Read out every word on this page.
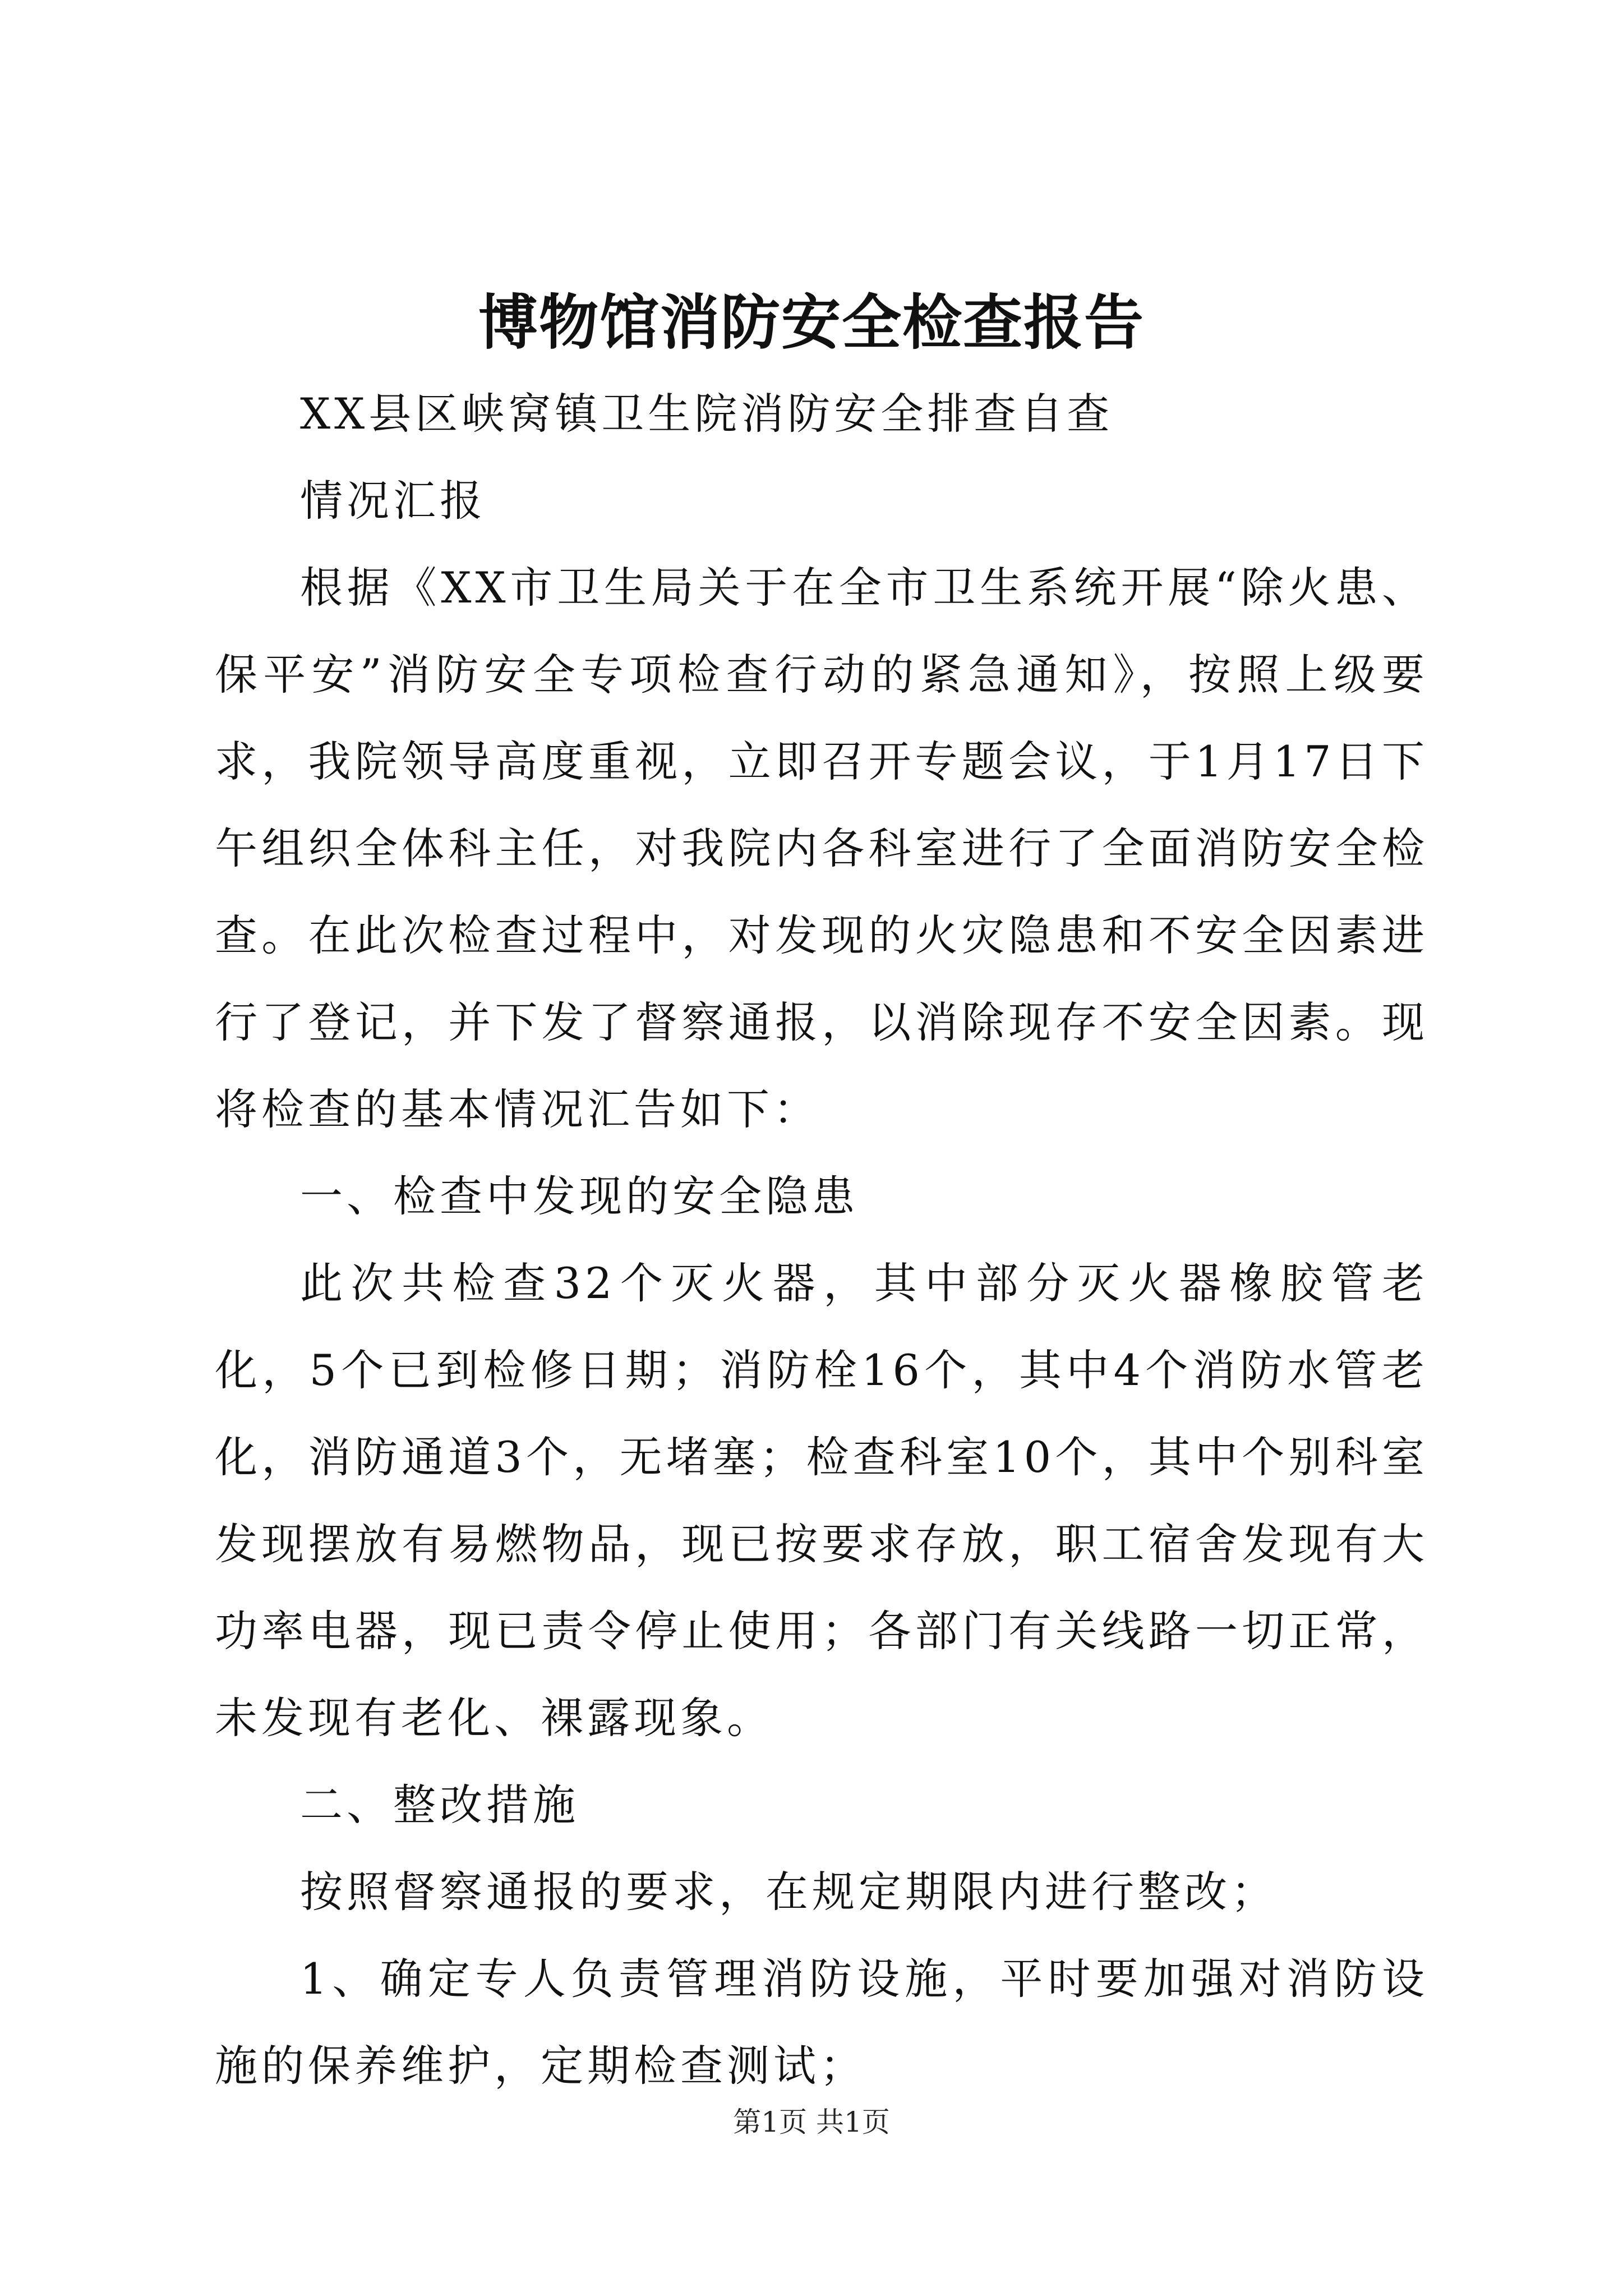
博物馆消防安全检查报告

XX县区峡窝镇卫生院消防安全排查自查

情况汇报

根据《XX市卫生局关于在全市卫生系统开展“除火患、保平安”消防安全专项检查行动的紧急通知》，按照上级要求，我院领导高度重视，立即召开专题会议，于1月17日下午组织全体科主任，对我院内各科室进行了全面消防安全检查。在此次检查过程中，对发现的火灾隐患和不安全因素进行了登记，并下发了督察通报，以消除现存不安全因素。现将检查的基本情况汇告如下：

一、检查中发现的安全隐患

此次共检查32个灭火器，其中部分灭火器橡胶管老化，5个已到检修日期；消防栓16个，其中4个消防水管老化，消防通道3个，无堵塞；检查科室10个，其中个别科室发现摆放有易燃物品，现已按要求存放，职工宿舍发现有大功率电器，现已责令停止使用；各部门有关线路一切正常，未发现有老化、裸露现象。

二、整改措施

按照督察通报的要求，在规定期限内进行整改；

1、确定专人负责管理消防设施，平时要加强对消防设施的保养维护，定期检查测试；

第1页 共1页
